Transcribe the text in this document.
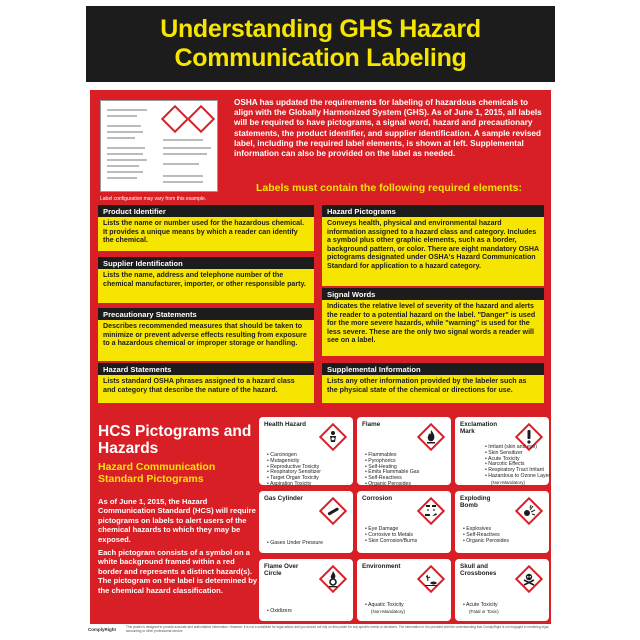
Understanding GHS Hazard
Communication Labeling
Label configuration may vary from this example.
OSHA has updated the requirements for labeling of hazardous chemicals to align with the Globally Harmonized System (GHS). As of June 1, 2015, all labels will be required to have pictograms, a signal word, hazard and precautionary statements, the product identifier, and supplier identification. A sample revised label, including the required label elements, is shown at left. Supplemental information can also be provided on the label as needed.
Labels must contain the following required elements:
Product Identifier
Lists the name or number used for the hazardous chemical. It provides a unique means by which a reader can identify the chemical.
Supplier Identification
Lists the name, address and telephone number of the chemical manufacturer, importer, or other responsible party.
Precautionary Statements
Describes recommended measures that should be taken to minimize or prevent adverse effects resulting from exposure to a hazardous chemical or improper storage or handling.
Hazard Statements
Lists standard OSHA phrases assigned to a hazard class and category that describe the nature of the hazard.
Hazard Pictograms
Conveys health, physical and environmental hazard information assigned to a hazard class and category. Includes a symbol plus other graphic elements, such as a border, background pattern, or color. There are eight mandatory OSHA pictograms designated under OSHA's Hazard Communication Standard for application to a hazard category.
Signal Words
Indicates the relative level of severity of the hazard and alerts the reader to a potential hazard on the label. "Danger" is used for the more severe hazards, while "warning" is used for the less severe. These are the only two signal words a reader will see on a label.
Supplemental Information
Lists any other information provided by the labeler such as the physical state of the chemical or directions for use.
HCS Pictograms and Hazards
Hazard Communication Standard Pictograms

As of June 1, 2015, the Hazard Communication Standard (HCS) will require pictograms on labels to alert users of the chemical hazards to which they may be exposed.

Each pictogram consists of a symbol on a white background framed within a red border and represents a distinct hazard(s). The pictogram on the label is determined by the chemical hazard classification.

Health Hazard
• Carcinogen
• Mutagenicity
• Reproductive Toxicity
• Respiratory Sensitizer
• Target Organ Toxicity
• Aspiration Toxicity
Flame
• Flammables
• Pyrophorics
• Self-Heating
• Emits Flammable Gas
• Self-Reactives
• Organic Peroxides
Exclamation Mark
• Irritant (skin and eye)
• Skin Sensitizer
• Acute Toxicity
• Narcotic Effects
• Respiratory Tract Irritant
• Hazardous to Ozone Layer
(Non-Mandatory)
Gas Cylinder
• Gases Under Pressure
Corrosion
• Eye Damage
• Corrosive to Metals
• Skin Corrosion/Burns
Exploding Bomb
• Explosives
• Self-Reactives
• Organic Peroxides
Flame Over Circle
• Oxidizers
Environment
• Aquatic Toxicity
(Non-Mandatory)
Skull and Crossbones
• Acute Toxicity
(Fatal or Toxic)
ComplyRight	This poster is designed to provide accurate and authoritative information. However, it is not a substitute for legal advice and you should not rely on this poster for any specific needs or decisions. The information in it is provided with the understanding that ComplyRight is not engaged in rendering legal, accounting or other professional service.
